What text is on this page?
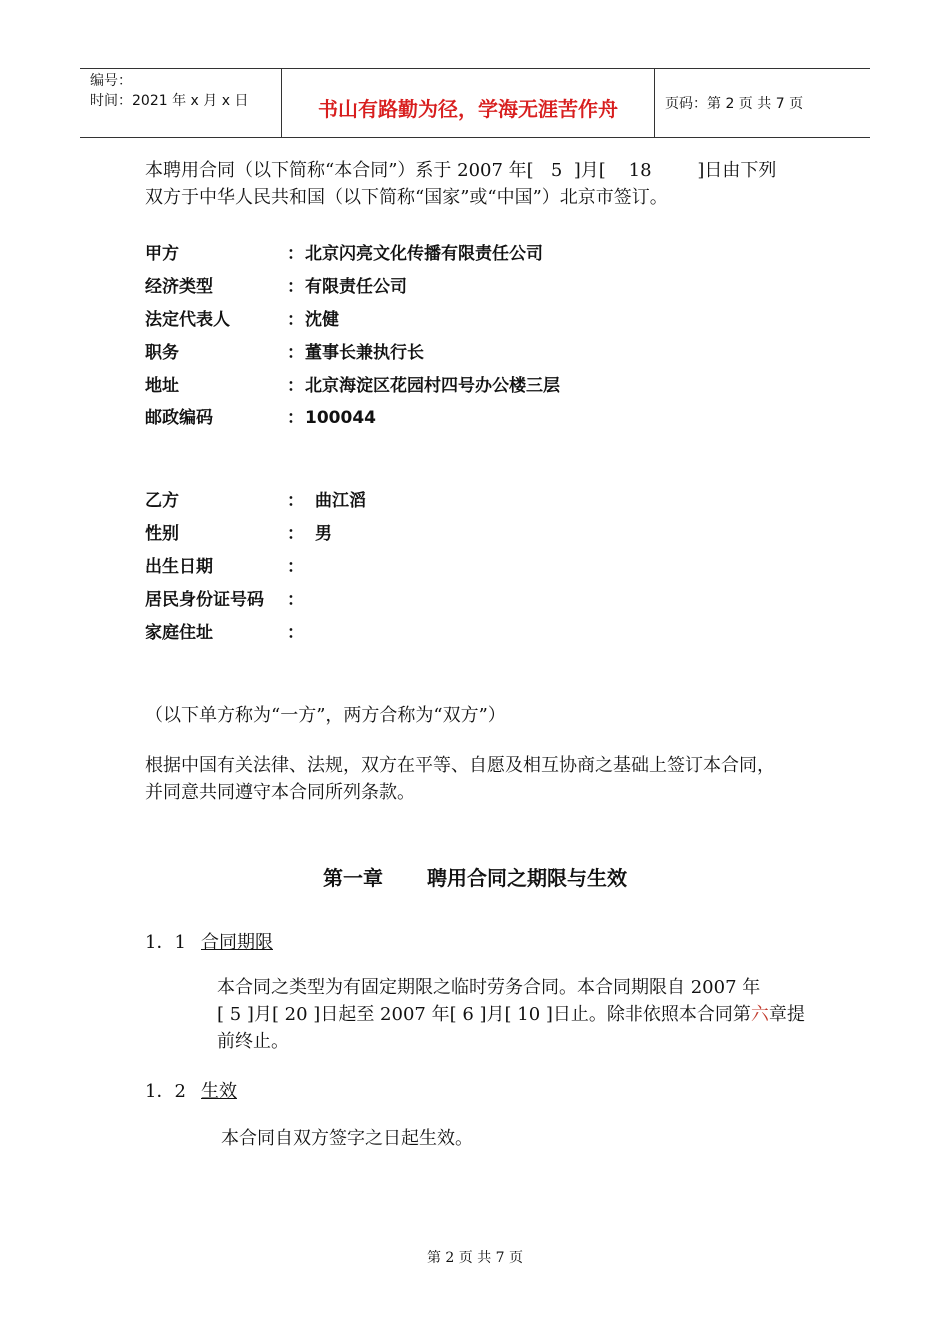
编号：
时间：2021 年 x 月 x 日	书山有路勤为径，学海无涯苦作舟	页码：第 2 页 共 7 页
本聘用合同（以下简称“本合同”）系于 2007 年[   5  ]月[    18        ]日由下列
双方于中华人民共和国（以下简称“国家”或“中国”）北京市签订。
甲方	：北京闪亮文化传播有限责任公司
经济类型	：有限责任公司
法定代表人	：沈健
职务	：董事长兼执行长
地址	：北京海淀区花园村四号办公楼三层
邮政编码	：100044
乙方	： 曲江滔
性别	： 男
出生日期	：
居民身份证号码 ：
家庭住址	：
（以下单方称为“一方”，两方合称为“双方”）
根据中国有关法律、法规，双方在平等、自愿及相互协商之基础上签订本合同，
并同意共同遵守本合同所列条款。
第一章 聘用合同之期限与生效
1．1 合同期限
本合同之类型为有固定期限之临时劳务合同。本合同期限自 2007 年
[ 5 ]月[ 20 ]日起至 2007 年[ 6 ]月[ 10 ]日止。除非依照本合同第六章提
前终止。
1．2 生效
本合同自双方签字之日起生效。
第 2 页 共 7 页
